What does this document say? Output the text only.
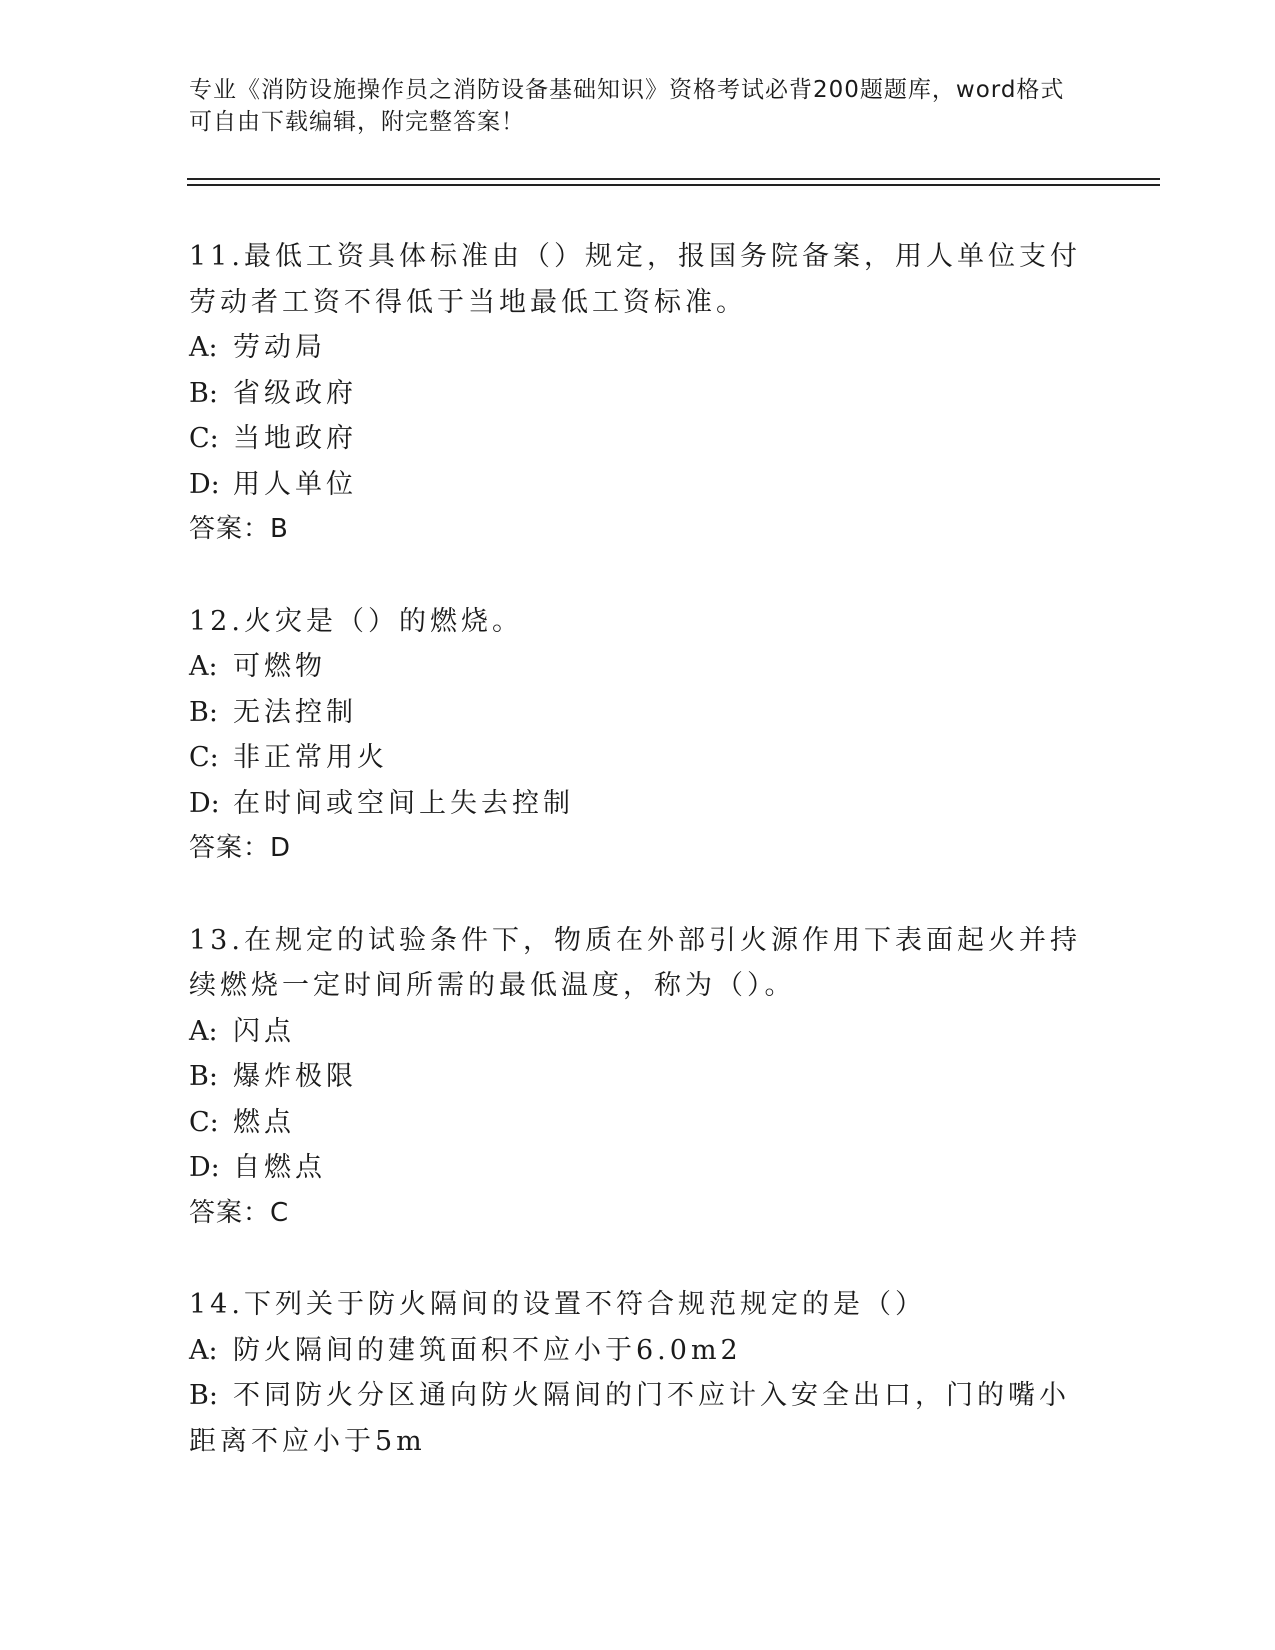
专业《消防设施操作员之消防设备基础知识》资格考试必背200题题库，word格式可自由下载编辑，附完整答案！

11.最低工资具体标准由（）规定，报国务院备案，用人单位支付劳动者工资不得低于当地最低工资标准。

A: 劳动局

B: 省级政府

C: 当地政府

D: 用人单位

答案：B

12.火灾是（）的燃烧。

A: 可燃物

B: 无法控制

C: 非正常用火

D: 在时间或空间上失去控制

答案：D

13.在规定的试验条件下，物质在外部引火源作用下表面起火并持续燃烧一定时间所需的最低温度，称为（）。

A: 闪点

B: 爆炸极限

C: 燃点

D: 自燃点

答案：C

14.下列关于防火隔间的设置不符合规范规定的是（）

A: 防火隔间的建筑面积不应小于6.0m2

B: 不同防火分区通向防火隔间的门不应计入安全出口，门的嘴小距离不应小于5m
